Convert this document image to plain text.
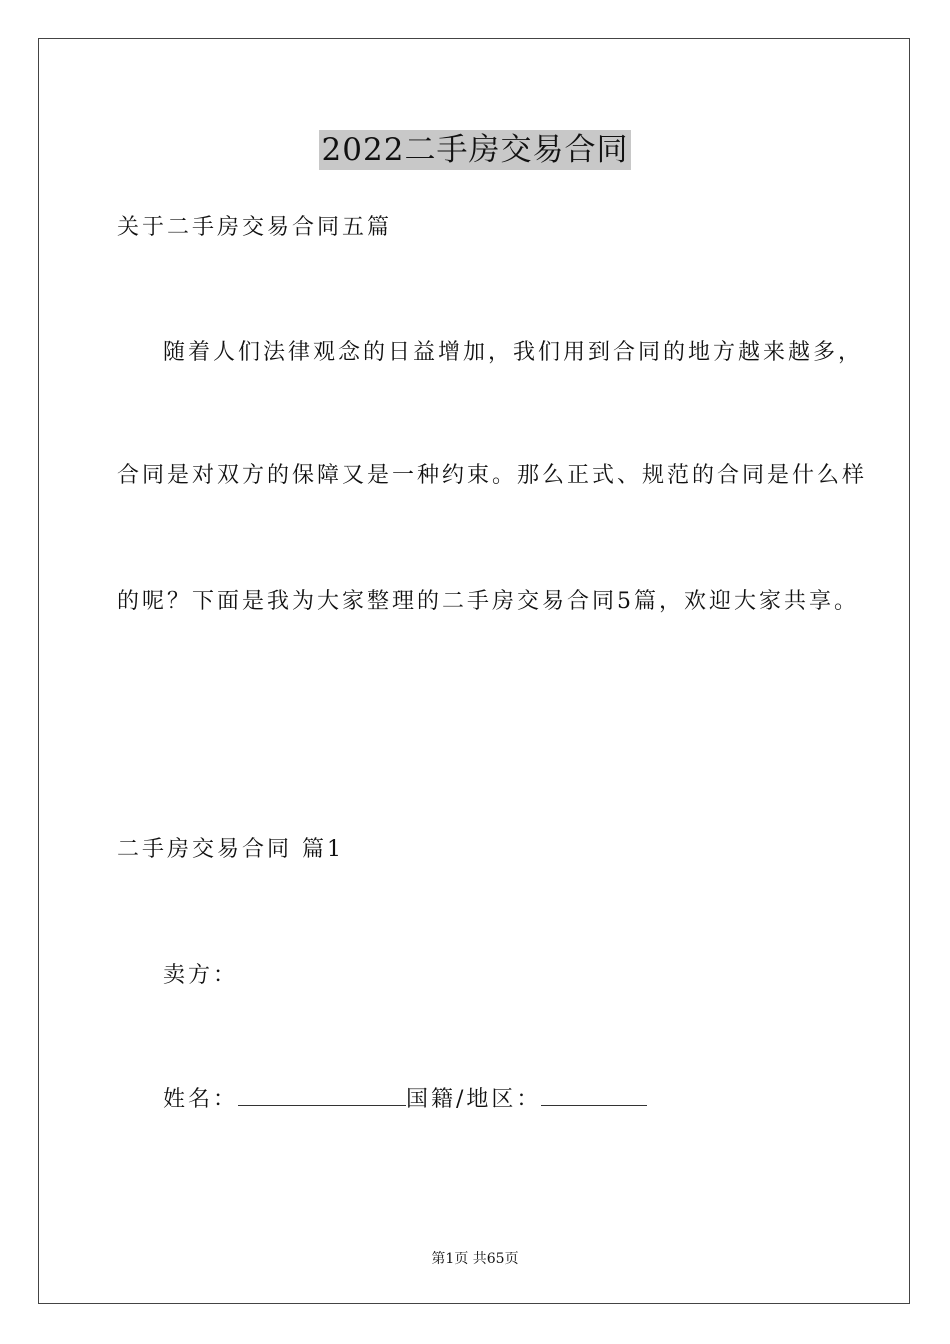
2022二手房交易合同
关于二手房交易合同五篇
随着人们法律观念的日益增加，我们用到合同的地方越来越多，
合同是对双方的保障又是一种约束。那么正式、规范的合同是什么样
的呢？下面是我为大家整理的二手房交易合同5篇，欢迎大家共享。
二手房交易合同 篇1
卖方：
姓名：	国籍/地区：
第1页 共65页
